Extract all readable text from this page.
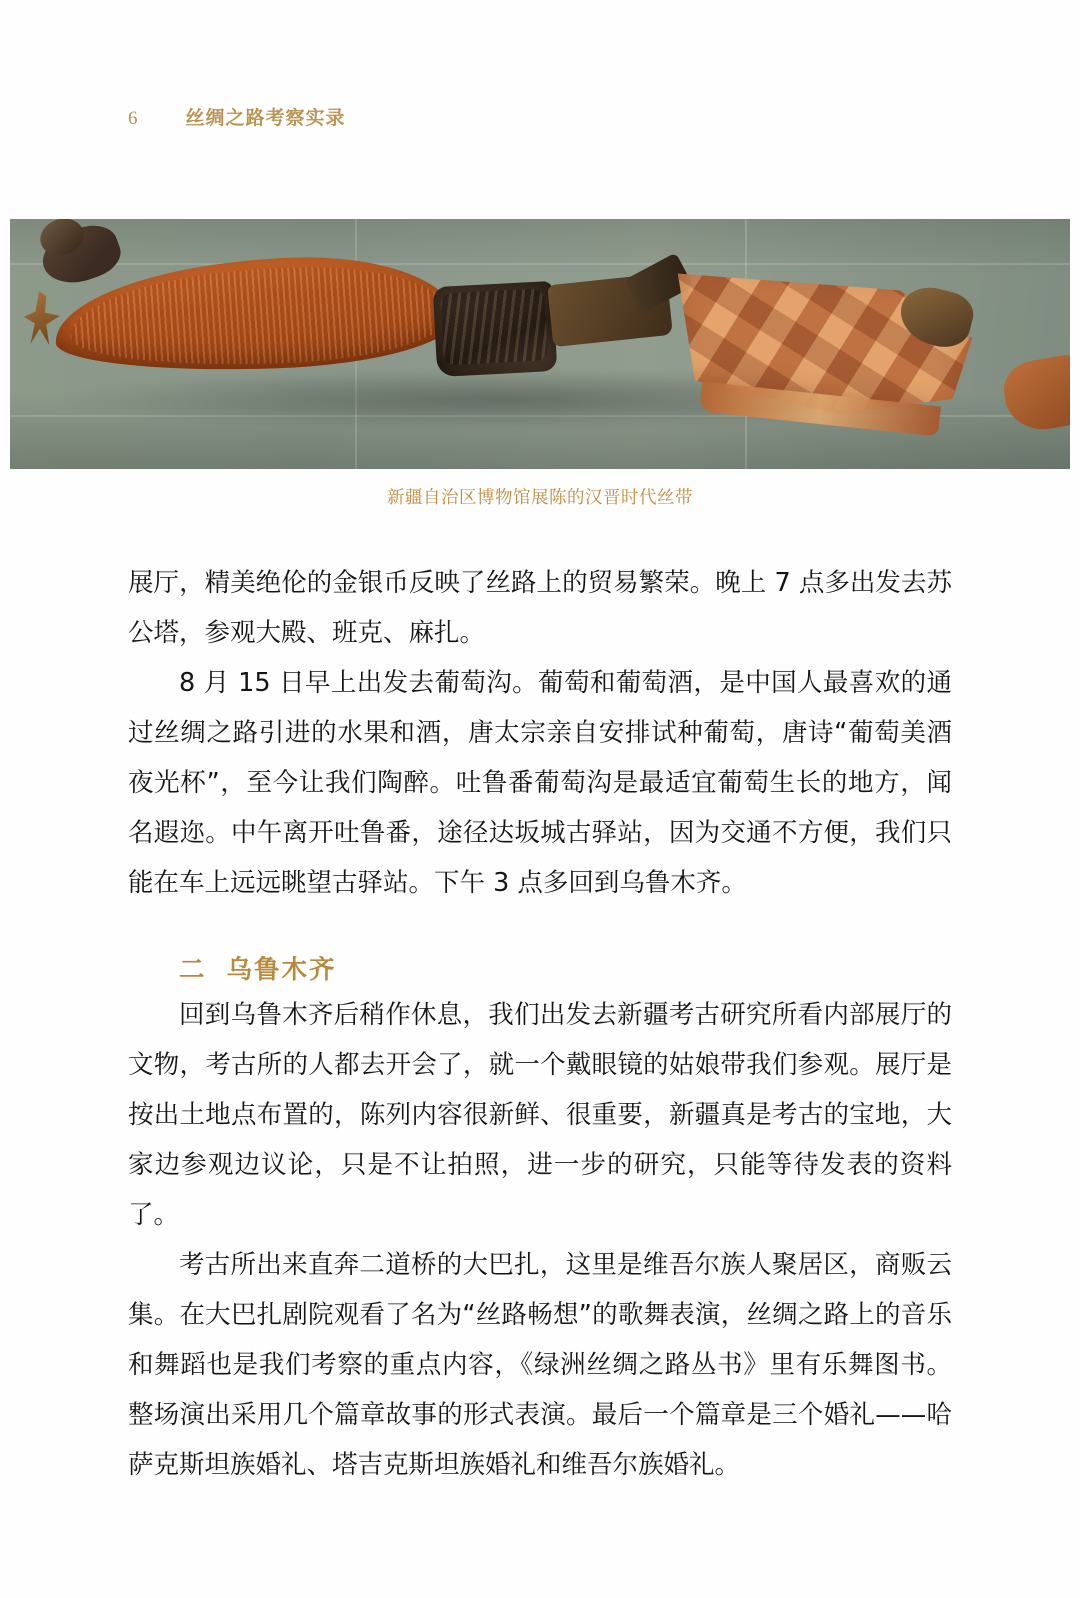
6	丝绸之路考察实录
新疆自治区博物馆展陈的汉晋时代丝带

展厅，精美绝伦的金银币反映了丝路上的贸易繁荣。晚上 7 点多出发去苏公塔，参观大殿、班克、麻扎。

8 月 15 日早上出发去葡萄沟。葡萄和葡萄酒，是中国人最喜欢的通过丝绸之路引进的水果和酒，唐太宗亲自安排试种葡萄，唐诗“葡萄美酒夜光杯”，至今让我们陶醉。吐鲁番葡萄沟是最适宜葡萄生长的地方，闻名遐迩。中午离开吐鲁番，途径达坂城古驿站，因为交通不方便，我们只能在车上远远眺望古驿站。下午 3 点多回到乌鲁木齐。

二 乌鲁木齐

回到乌鲁木齐后稍作休息，我们出发去新疆考古研究所看内部展厅的文物，考古所的人都去开会了，就一个戴眼镜的姑娘带我们参观。展厅是按出土地点布置的，陈列内容很新鲜、很重要，新疆真是考古的宝地，大家边参观边议论，只是不让拍照，进一步的研究，只能等待发表的资料了。

考古所出来直奔二道桥的大巴扎，这里是维吾尔族人聚居区，商贩云集。在大巴扎剧院观看了名为“丝路畅想”的歌舞表演，丝绸之路上的音乐和舞蹈也是我们考察的重点内容，《绿洲丝绸之路丛书》里有乐舞图书。整场演出采用几个篇章故事的形式表演。最后一个篇章是三个婚礼——哈萨克斯坦族婚礼、塔吉克斯坦族婚礼和维吾尔族婚礼。
